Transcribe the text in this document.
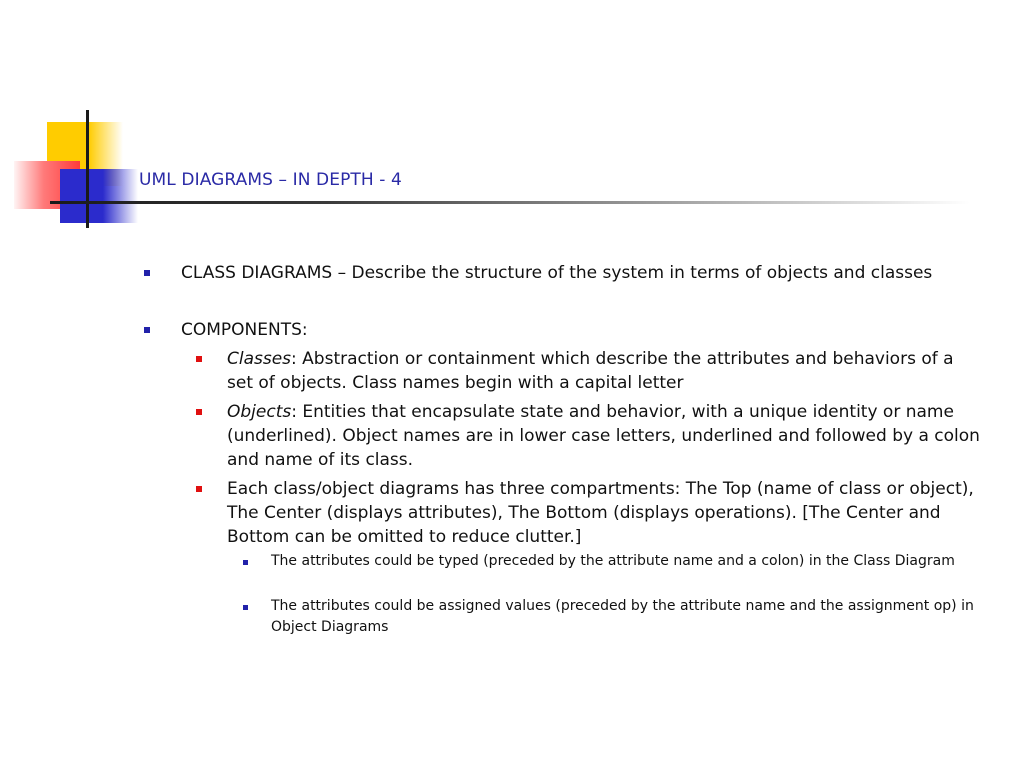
UML DIAGRAMS – IN DEPTH - 4
CLASS DIAGRAMS – Describe the structure of the system in terms of objects and classes
COMPONENTS:
Classes: Abstraction or containment which describe the attributes and behaviors of a set of objects. Class names begin with a capital letter
Objects: Entities that encapsulate state and behavior, with a unique identity or name (underlined). Object names are in lower case letters, underlined and followed by a colon and name of its class.
Each class/object diagrams has three compartments: The Top (name of class or object), The Center (displays attributes), The Bottom (displays operations). [The Center and Bottom can be omitted to reduce clutter.]
The attributes could be typed (preceded by the attribute name and a colon) in the Class Diagram
The attributes could be assigned values (preceded by the attribute name and the assignment op) in Object Diagrams
